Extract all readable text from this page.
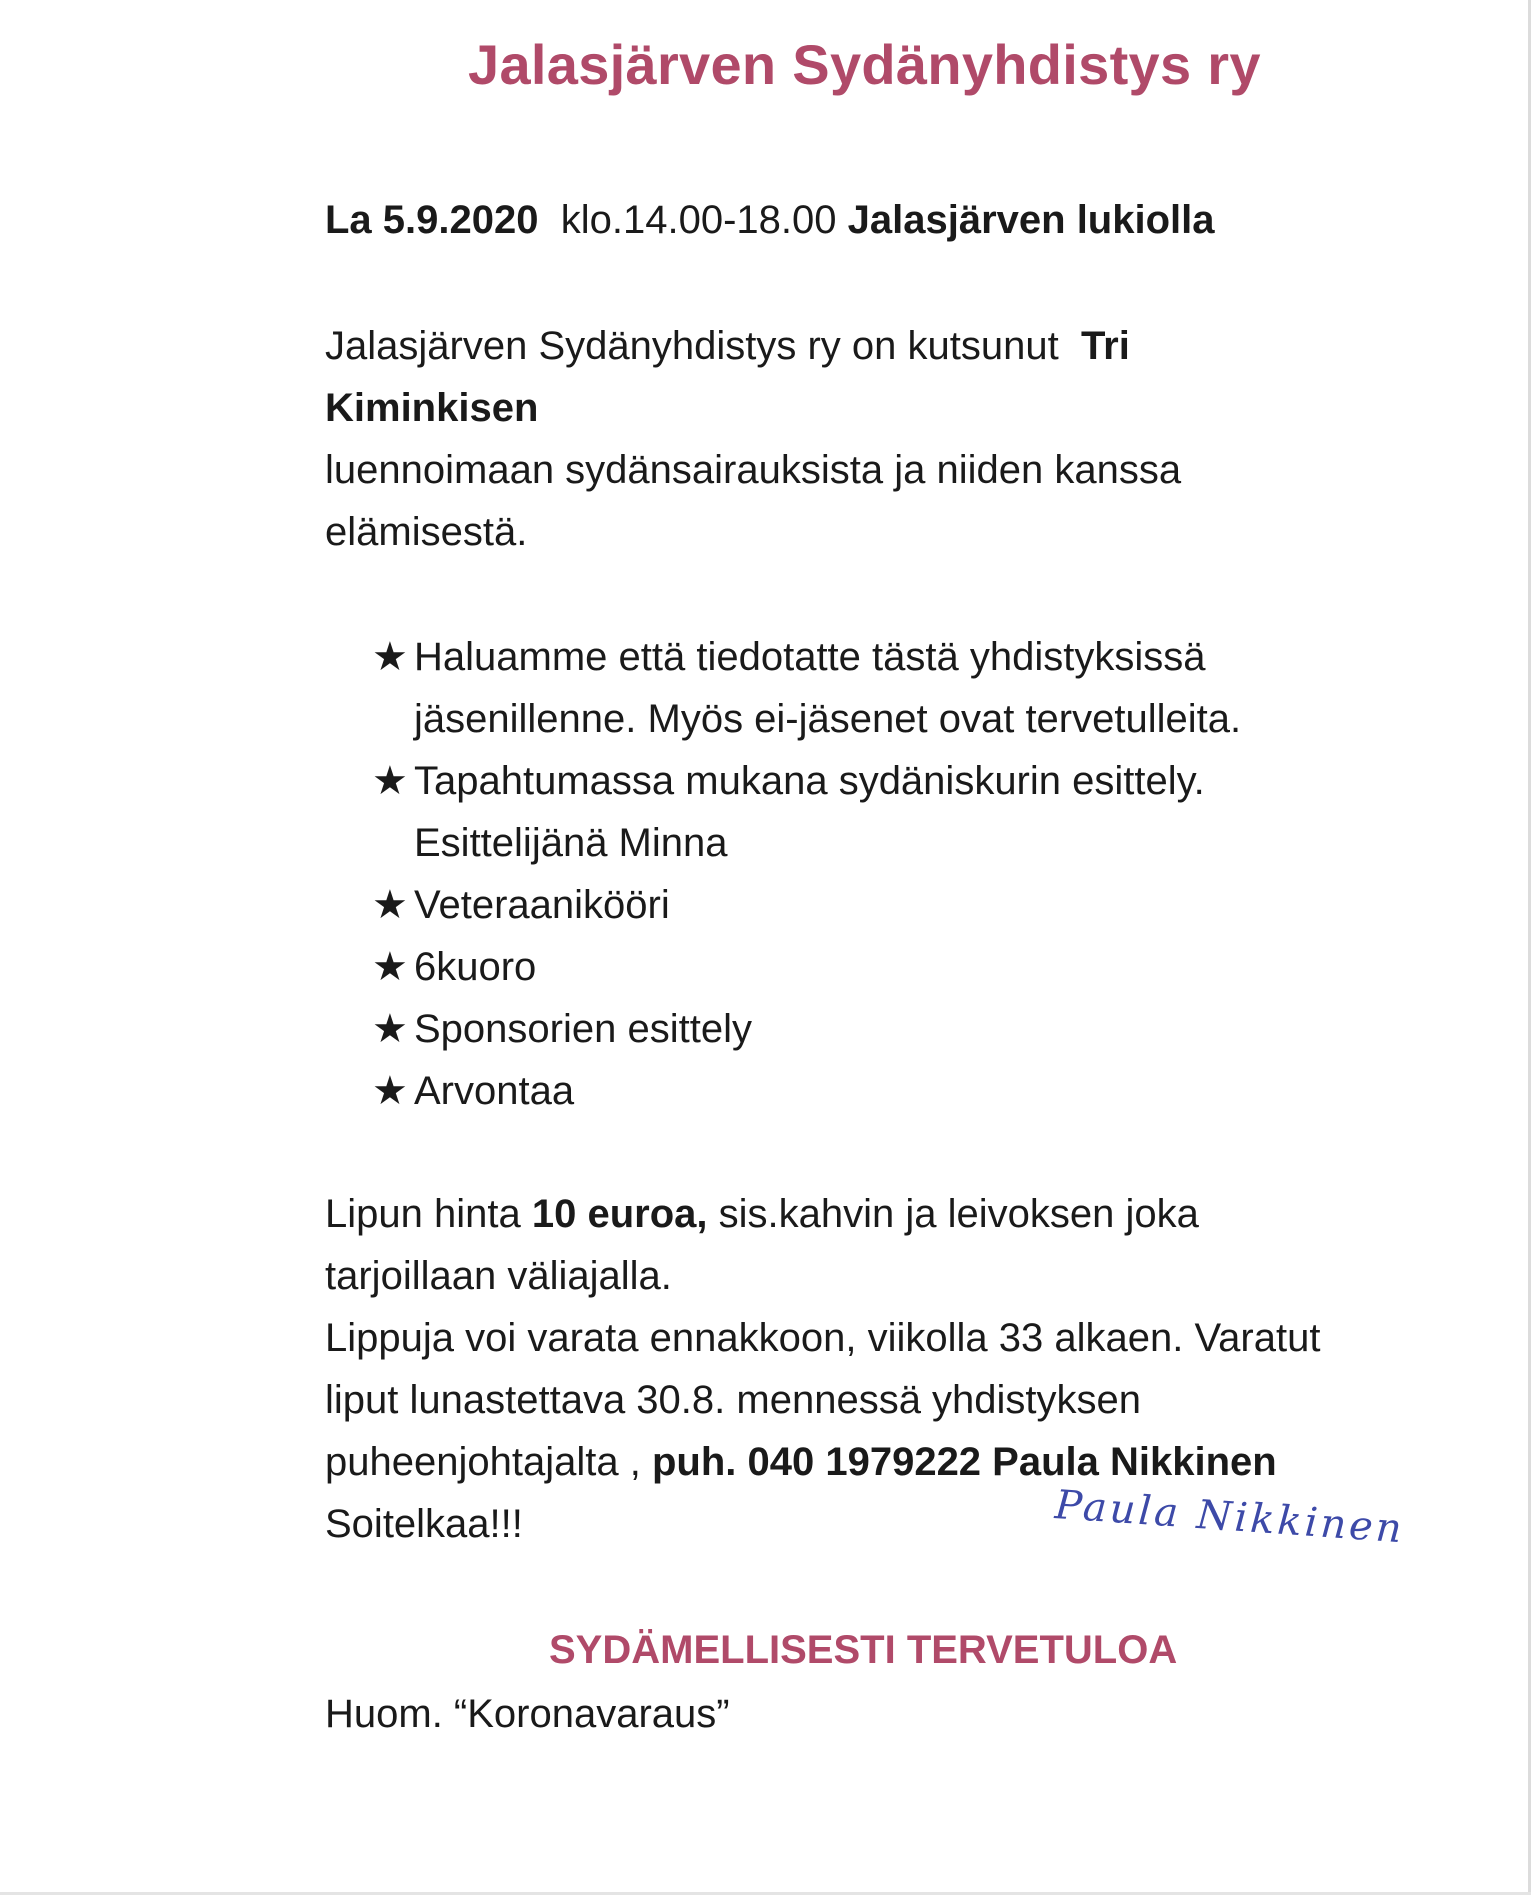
Jalasjärven Sydänyhdistys ry
La 5.9.2020 klo.14.00-18.00 Jalasjärven lukiolla
Jalasjärven Sydänyhdistys ry on kutsunut Tri
Kiminkisen
luennoimaan sydänsairauksista ja niiden kanssa
elämisestä.
★ Haluamme että tiedotatte tästä yhdistyksissä
jäsenillenne. Myös ei-jäsenet ovat tervetulleita.
★ Tapahtumassa mukana sydäniskurin esittely.
Esittelijänä Minna
★ Veteraanikööri
★ 6kuoro
★ Sponsorien esittely
★ Arvontaa
Lipun hinta 10 euroa, sis.kahvin ja leivoksen joka
tarjoillaan väliajalla.
Lippuja voi varata ennakkoon, viikolla 33 alkaen. Varatut
liput lunastettava 30.8. mennessä yhdistyksen
puheenjohtajalta , puh. 040 1979222 Paula Nikkinen
Soitelkaa!!!	Paula Nikkinen
SYDÄMELLISESTI TERVETULOA
Huom. “Koronavaraus”
